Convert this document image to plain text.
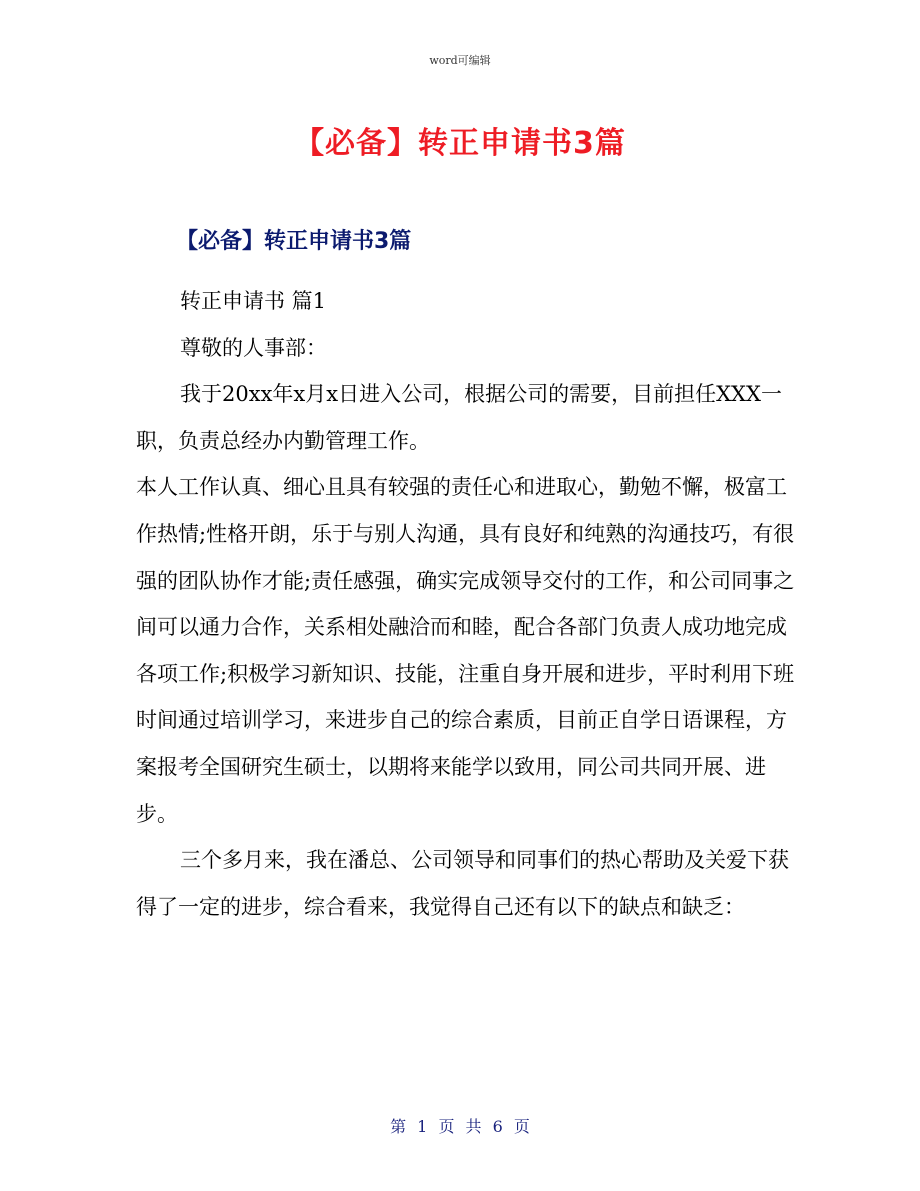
word可编辑
【必备】转正申请书3篇
【必备】转正申请书3篇

转正申请书 篇1

尊敬的人事部：

我于20xx年x月x日进入公司，根据公司的需要，目前担任XXX一职，负责总经办内勤管理工作。

本人工作认真、细心且具有较强的责任心和进取心，勤勉不懈，极富工作热情;性格开朗，乐于与别人沟通，具有良好和纯熟的沟通技巧，有很强的团队协作才能;责任感强，确实完成领导交付的工作，和公司同事之间可以通力合作，关系相处融洽而和睦，配合各部门负责人成功地完成各项工作;积极学习新知识、技能，注重自身开展和进步，平时利用下班时间通过培训学习，来进步自己的综合素质，目前正自学日语课程，方案报考全国研究生硕士，以期将来能学以致用，同公司共同开展、进步。

三个多月来，我在潘总、公司领导和同事们的热心帮助及关爱下获得了一定的进步，综合看来，我觉得自己还有以下的缺点和缺乏：

第 1 页 共 6 页
